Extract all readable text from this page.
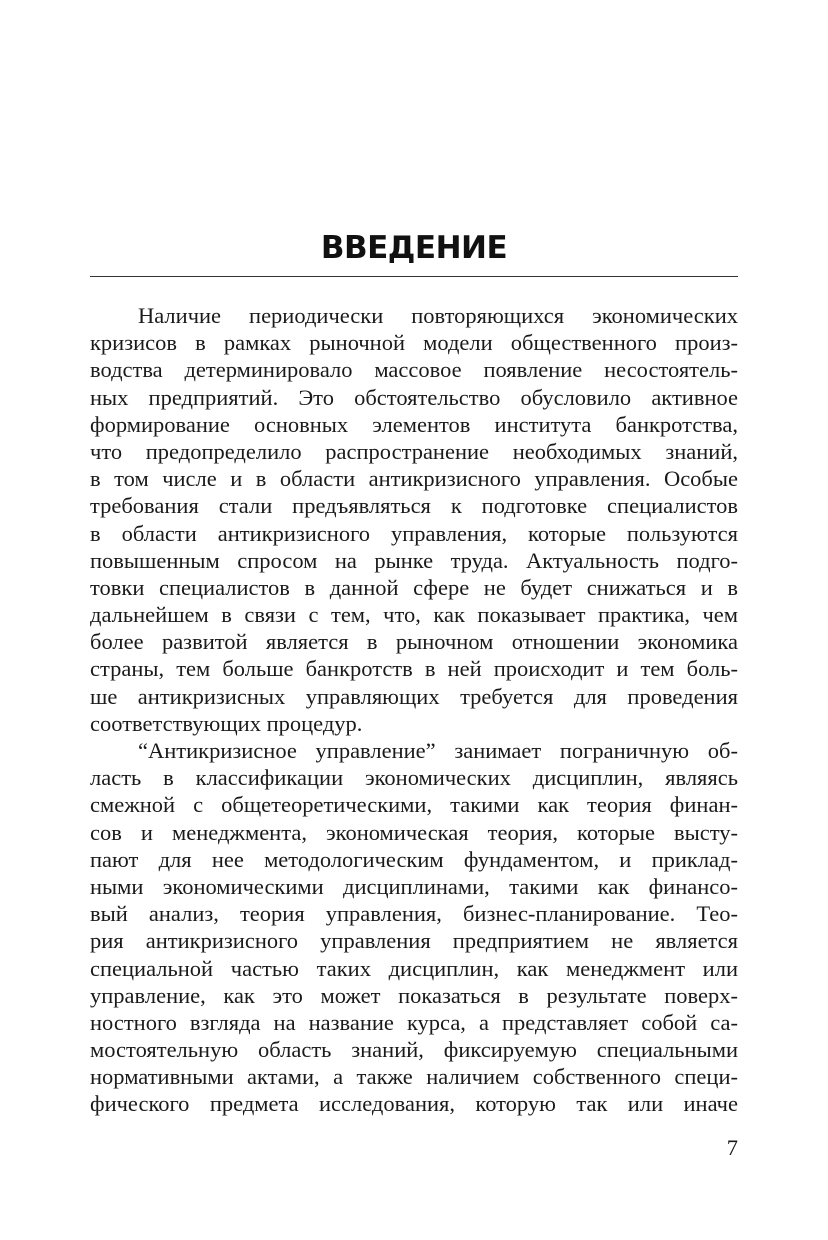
ВВЕДЕНИЕ
Наличие периодически повторяющихся экономических
кризисов в рамках рыночной модели общественного произ-
водства детерминировало массовое появление несостоятель-
ных предприятий. Это обстоятельство обусловило активное
формирование основных элементов института банкротства,
что предопределило распространение необходимых знаний,
в том числе и в области антикризисного управления. Особые
требования стали предъявляться к подготовке специалистов
в области антикризисного управления, которые пользуются
повышенным спросом на рынке труда. Актуальность подго-
товки специалистов в данной сфере не будет снижаться и в
дальнейшем в связи с тем, что, как показывает практика, чем
более развитой является в рыночном отношении экономика
страны, тем больше банкротств в ней происходит и тем боль-
ше антикризисных управляющих требуется для проведения
соответствующих процедур.
“Антикризисное управление” занимает пограничную об-
ласть в классификации экономических дисциплин, являясь
смежной с общетеоретическими, такими как теория финан-
сов и менеджмента, экономическая теория, которые высту-
пают для нее методологическим фундаментом, и приклад-
ными экономическими дисциплинами, такими как финансо-
вый анализ, теория управления, бизнес-планирование. Тео-
рия антикризисного управления предприятием не является
специальной частью таких дисциплин, как менеджмент или
управление, как это может показаться в результате поверх-
ностного взгляда на название курса, а представляет собой са-
мостоятельную область знаний, фиксируемую специальными
нормативными актами, а также наличием собственного специ-
фического предмета исследования, которую так или иначе
7
